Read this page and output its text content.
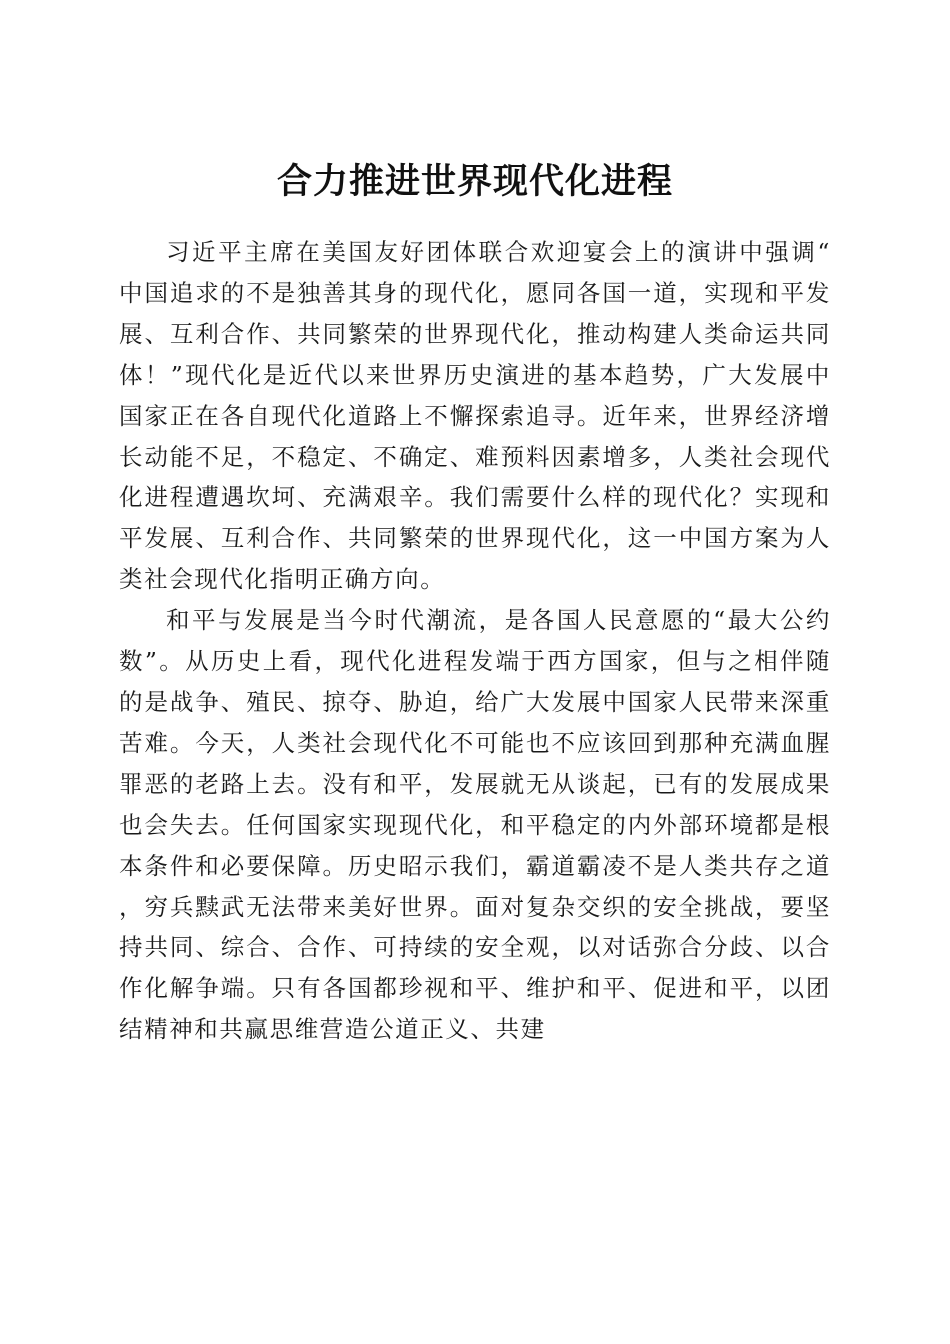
合力推进世界现代化进程

习近平主席在美国友好团体联合欢迎宴会上的演讲中强调“中国追求的不是独善其身的现代化，愿同各国一道，实现和平发展、互利合作、共同繁荣的世界现代化，推动构建人类命运共同体！”现代化是近代以来世界历史演进的基本趋势，广大发展中国家正在各自现代化道路上不懈探索追寻。近年来，世界经济增长动能不足，不稳定、不确定、难预料因素增多，人类社会现代化进程遭遇坎坷、充满艰辛。我们需要什么样的现代化？实现和平发展、互利合作、共同繁荣的世界现代化，这一中国方案为人类社会现代化指明正确方向。

和平与发展是当今时代潮流，是各国人民意愿的“最大公约数”。从历史上看，现代化进程发端于西方国家，但与之相伴随的是战争、殖民、掠夺、胁迫，给广大发展中国家人民带来深重苦难。今天，人类社会现代化不可能也不应该回到那种充满血腥罪恶的老路上去。没有和平，发展就无从谈起，已有的发展成果也会失去。任何国家实现现代化，和平稳定的内外部环境都是根本条件和必要保障。历史昭示我们，霸道霸凌不是人类共存之道，穷兵黩武无法带来美好世界。面对复杂交织的安全挑战，要坚持共同、综合、合作、可持续的安全观，以对话弥合分歧、以合作化解争端。只有各国都珍视和平、维护和平、促进和平，以团结精神和共赢思维营造公道正义、共建
